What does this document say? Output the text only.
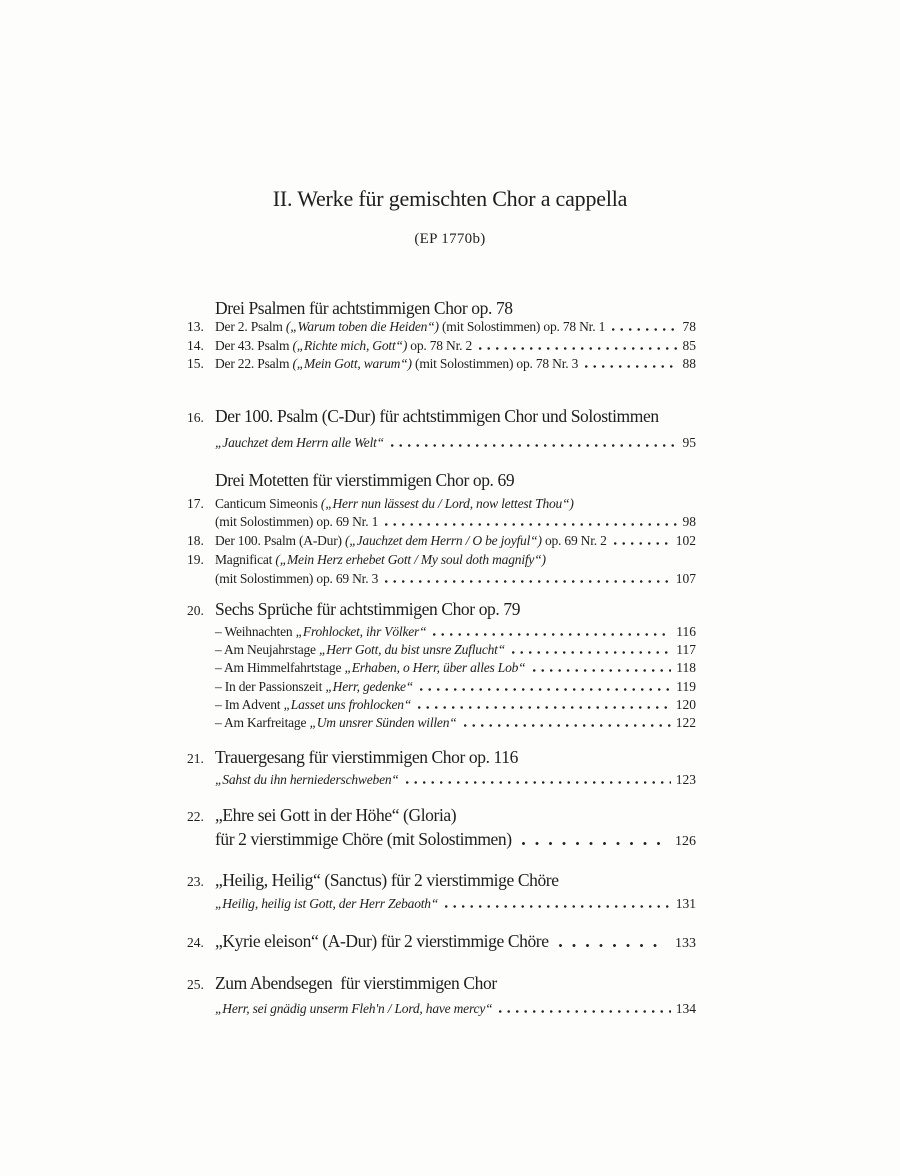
II. Werke für gemischten Chor a cappella
(EP 1770b)
Drei Psalmen für achtstimmigen Chor op. 78
13. Der 2. Psalm („Warum toben die Heiden“) (mit Solostimmen) op. 78 Nr. 1	78
14. Der 43. Psalm („Richte mich, Gott“) op. 78 Nr. 2	85
15. Der 22. Psalm („Mein Gott, warum“) (mit Solostimmen) op. 78 Nr. 3	88
16. Der 100. Psalm (C-Dur) für achtstimmigen Chor und Solostimmen
„Jauchzet dem Herrn alle Welt“	95
Drei Motetten für vierstimmigen Chor op. 69
17. Canticum Simeonis („Herr nun lässest du / Lord, now lettest Thou“)
(mit Solostimmen) op. 69 Nr. 1	98
18. Der 100. Psalm (A-Dur) („Jauchzet dem Herrn / O be joyful“) op. 69 Nr. 2	102
19. Magnificat („Mein Herz erhebet Gott / My soul doth magnify“)
(mit Solostimmen) op. 69 Nr. 3	107
20. Sechs Sprüche für achtstimmigen Chor op. 79
– Weihnachten „Frohlocket, ihr Völker“	116
– Am Neujahrstage „Herr Gott, du bist unsre Zuflucht“	117
– Am Himmelfahrtstage „Erhaben, o Herr, über alles Lob“	118
– In der Passionszeit „Herr, gedenke“	119
– Im Advent „Lasset uns frohlocken“	120
– Am Karfreitage „Um unsrer Sünden willen“	122
21. Trauergesang für vierstimmigen Chor op. 116
„Sahst du ihn herniederschweben“	123
22. „Ehre sei Gott in der Höhe“ (Gloria)
für 2 vierstimmige Chöre (mit Solostimmen)	126
23. „Heilig, Heilig“ (Sanctus) für 2 vierstimmige Chöre
„Heilig, heilig ist Gott, der Herr Zebaoth“	131
24. „Kyrie eleison“ (A-Dur) für 2 vierstimmige Chöre	133
25. Zum Abendsegen  für vierstimmigen Chor
„Herr, sei gnädig unserm Fleh'n / Lord, have mercy“	134
